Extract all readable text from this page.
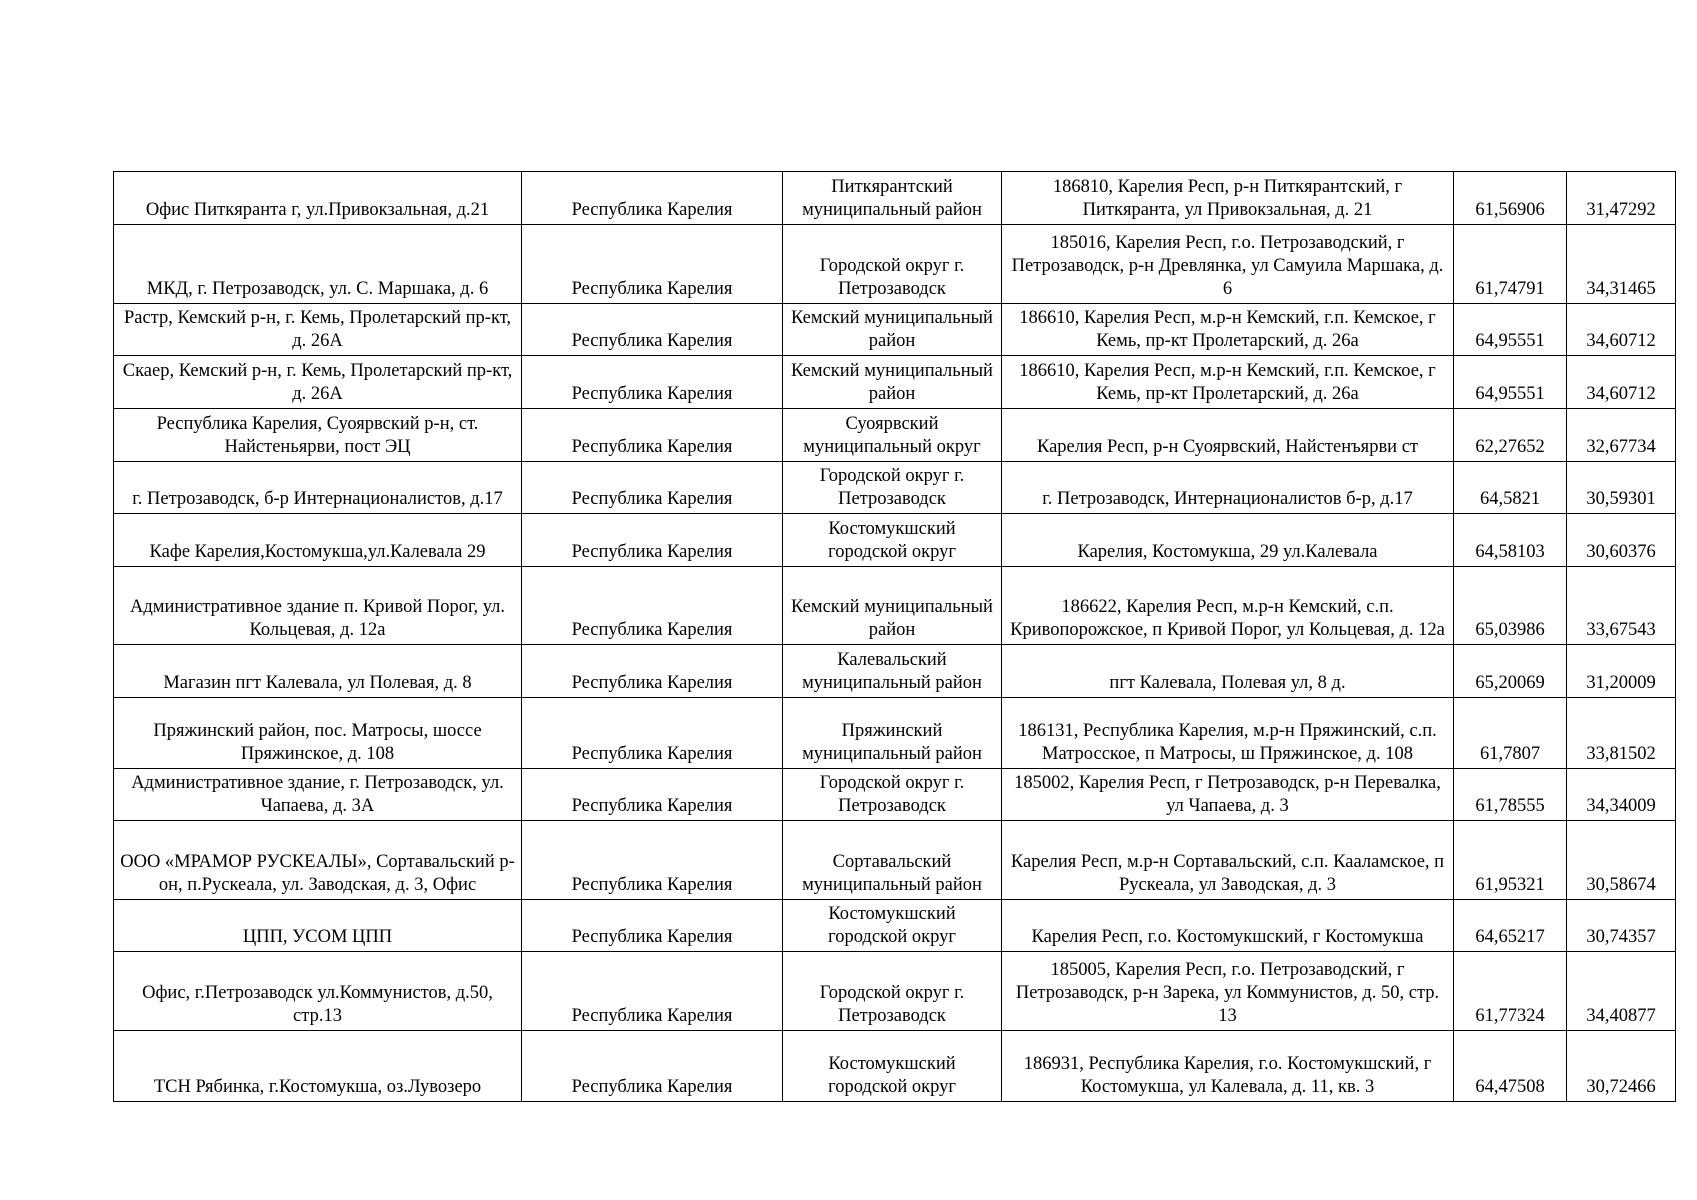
Офис Питкяранта г, ул.Привокзальная, д.21	Республика Карелия	Питкярантский муниципальный район	186810, Карелия Респ, р-н Питкярантский, г Питкяранта, ул Привокзальная, д. 21	61,56906	31,47292
МКД, г. Петрозаводск, ул. С. Маршака, д. 6	Республика Карелия	Городской округ г. Петрозаводск	185016, Карелия Респ, г.о. Петрозаводский, г Петрозаводск, р-н Древлянка, ул Самуила Маршака, д. 6	61,74791	34,31465
Растр, Кемский р-н, г. Кемь, Пролетарский пр-кт, д. 26А	Республика Карелия	Кемский муниципальный район	186610, Карелия Респ, м.р-н Кемский, г.п. Кемское, г Кемь, пр-кт Пролетарский, д. 26а	64,95551	34,60712
Скаер, Кемский р-н, г. Кемь, Пролетарский пр-кт, д. 26А	Республика Карелия	Кемский муниципальный район	186610, Карелия Респ, м.р-н Кемский, г.п. Кемское, г Кемь, пр-кт Пролетарский, д. 26а	64,95551	34,60712
Республика Карелия, Суоярвский р-н, ст. Найстеньярви, пост ЭЦ	Республика Карелия	Суоярвский муниципальный округ	Карелия Респ, р-н Суоярвский, Найстенъярви ст	62,27652	32,67734
г. Петрозаводск, б-р Интернационалистов, д.17	Республика Карелия	Городской округ г. Петрозаводск	г. Петрозаводск, Интернационалистов б-р, д.17	64,5821	30,59301
Кафе Карелия,Костомукша,ул.Калевала 29	Республика Карелия	Костомукшский городской округ	Карелия, Костомукша, 29 ул.Калевала	64,58103	30,60376
Административное здание п. Кривой Порог, ул. Кольцевая, д. 12а	Республика Карелия	Кемский муниципальный район	186622, Карелия Респ, м.р-н Кемский, с.п. Кривопорожское, п Кривой Порог, ул Кольцевая, д. 12а	65,03986	33,67543
Магазин пгт Калевала, ул Полевая, д. 8	Республика Карелия	Калевальский муниципальный район	пгт Калевала, Полевая ул, 8 д.	65,20069	31,20009
Пряжинский район, пос. Матросы, шоссе Пряжинское, д. 108	Республика Карелия	Пряжинский муниципальный район	186131, Республика Карелия, м.р-н Пряжинский, с.п. Матросское, п Матросы, ш Пряжинское, д. 108	61,7807	33,81502
Административное здание, г. Петрозаводск, ул. Чапаева, д. 3А	Республика Карелия	Городской округ г. Петрозаводск	185002, Карелия Респ, г Петрозаводск, р-н Перевалка, ул Чапаева, д. 3	61,78555	34,34009
ООО «МРАМОР РУСКЕАЛЫ», Сортавальский р-он, п.Рускеала, ул. Заводская, д. 3, Офис	Республика Карелия	Сортавальский муниципальный район	Карелия Респ, м.р-н Сортавальский, с.п. Кааламское, п Рускеала, ул Заводская, д. 3	61,95321	30,58674
ЦПП, УСОМ ЦПП	Республика Карелия	Костомукшский городской округ	Карелия Респ, г.о. Костомукшский, г Костомукша	64,65217	30,74357
Офис, г.Петрозаводск ул.Коммунистов, д.50, стр.13	Республика Карелия	Городской округ г. Петрозаводск	185005, Карелия Респ, г.о. Петрозаводский, г Петрозаводск, р-н Зарека, ул Коммунистов, д. 50, стр. 13	61,77324	34,40877
ТСН Рябинка, г.Костомукша, оз.Лувозеро	Республика Карелия	Костомукшский городской округ	186931, Республика Карелия, г.о. Костомукшский, г Костомукша, ул Калевала, д. 11, кв. 3	64,47508	30,72466
